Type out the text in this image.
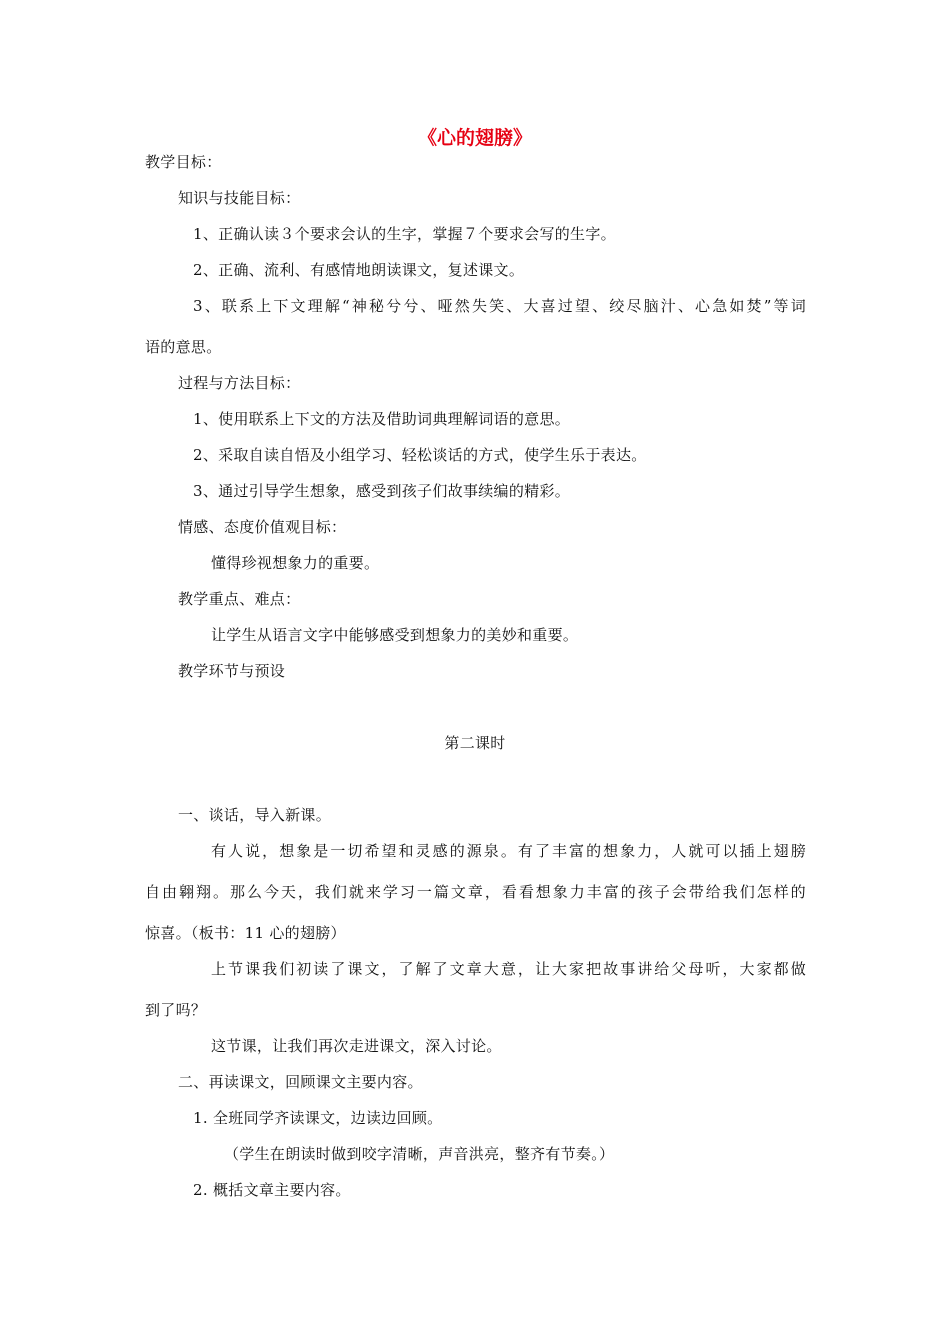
《心的翅膀》
教学目标：
知识与技能目标：
1、正确认读３个要求会认的生字，掌握７个要求会写的生字。
2、正确、流利、有感情地朗读课文，复述课文。
3、联系上下文理解“神秘兮兮、哑然失笑、大喜过望、绞尽脑汁、心急如焚”等词
语的意思。
过程与方法目标：
1、使用联系上下文的方法及借助词典理解词语的意思。
2、采取自读自悟及小组学习、轻松谈话的方式，使学生乐于表达。
3、通过引导学生想象，感受到孩子们故事续编的精彩。
情感、态度价值观目标：
懂得珍视想象力的重要。
教学重点、难点：
让学生从语言文字中能够感受到想象力的美妙和重要。
教学环节与预设
第二课时
一、谈话，导入新课。
有人说，想象是一切希望和灵感的源泉。有了丰富的想象力，人就可以插上翅膀
自由翱翔。那么今天，我们就来学习一篇文章，看看想象力丰富的孩子会带给我们怎样的
惊喜。（板书：11 心的翅膀）
上节课我们初读了课文，了解了文章大意，让大家把故事讲给父母听，大家都做
到了吗？
这节课，让我们再次走进课文，深入讨论。
二、再读课文，回顾课文主要内容。
1. 全班同学齐读课文，边读边回顾。
（学生在朗读时做到咬字清晰，声音洪亮，整齐有节奏。）
2. 概括文章主要内容。
